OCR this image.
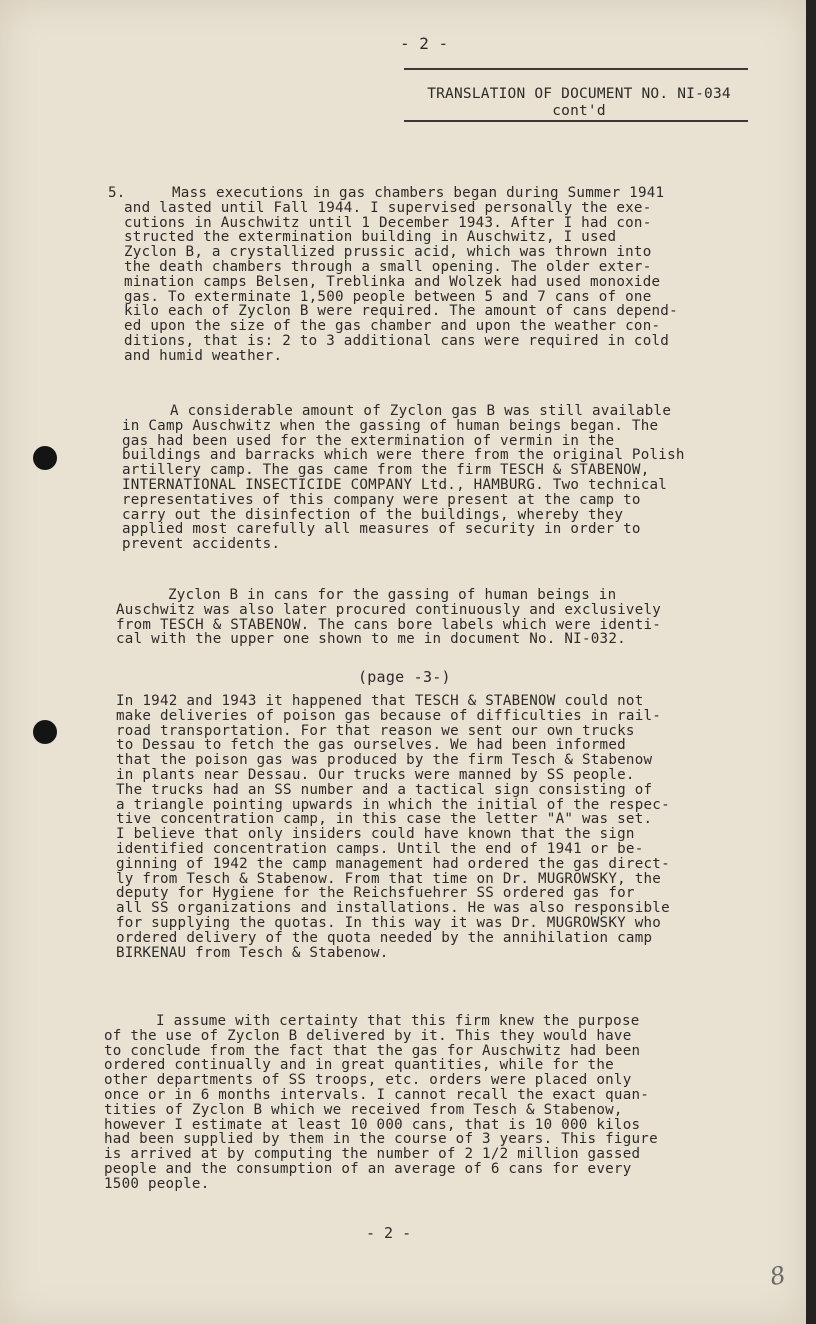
- 2 -
TRANSLATION OF DOCUMENT NO. NI-034
cont'd
5.	Mass executions in gas chambers began during Summer 1941
and lasted until Fall 1944. I supervised personally the exe-
cutions in Auschwitz until 1 December 1943. After I had con-
structed the extermination building in Auschwitz, I used
Zyclon B, a crystallized prussic acid, which was thrown into
the death chambers through a small opening. The older exter-
mination camps Belsen, Treblinka and Wolzek had used monoxide
gas. To exterminate 1,500 people between 5 and 7 cans of one
kilo each of Zyclon B were required. The amount of cans depend-
ed upon the size of the gas chamber and upon the weather con-
ditions, that is: 2 to 3 additional cans were required in cold
and humid weather.
A considerable amount of Zyclon gas B was still available
in Camp Auschwitz when the gassing of human beings began. The
gas had been used for the extermination of vermin in the
buildings and barracks which were there from the original Polish
artillery camp. The gas came from the firm TESCH & STABENOW,
INTERNATIONAL INSECTICIDE COMPANY Ltd., HAMBURG. Two technical
representatives of this company were present at the camp to
carry out the disinfection of the buildings, whereby they
applied most carefully all measures of security in order to
prevent accidents.
Zyclon B in cans for the gassing of human beings in
Auschwitz was also later procured continuously and exclusively
from TESCH & STABENOW. The cans bore labels which were identi-
cal with the upper one shown to me in document No. NI-032.
(page -3-)
In 1942 and 1943 it happened that TESCH & STABENOW could not
make deliveries of poison gas because of difficulties in rail-
road transportation. For that reason we sent our own trucks
to Dessau to fetch the gas ourselves. We had been informed
that the poison gas was produced by the firm Tesch & Stabenow
in plants near Dessau. Our trucks were manned by SS people.
The trucks had an SS number and a tactical sign consisting of
a triangle pointing upwards in which the initial of the respec-
tive concentration camp, in this case the letter "A" was set.
I believe that only insiders could have known that the sign
identified concentration camps. Until the end of 1941 or be-
ginning of 1942 the camp management had ordered the gas direct-
ly from Tesch & Stabenow. From that time on Dr. MUGROWSKY, the
deputy for Hygiene for the Reichsfuehrer SS ordered gas for
all SS organizations and installations. He was also responsible
for supplying the quotas. In this way it was Dr. MUGROWSKY who
ordered delivery of the quota needed by the annihilation camp
BIRKENAU from Tesch & Stabenow.
I assume with certainty that this firm knew the purpose
of the use of Zyclon B delivered by it. This they would have
to conclude from the fact that the gas for Auschwitz had been
ordered continually and in great quantities, while for the
other departments of SS troops, etc. orders were placed only
once or in 6 months intervals. I cannot recall the exact quan-
tities of Zyclon B which we received from Tesch & Stabenow,
however I estimate at least 10 000 cans, that is 10 000 kilos
had been supplied by them in the course of 3 years. This figure
is arrived at by computing the number of 2 1/2 million gassed
people and the consumption of an average of 6 cans for every
1500 people.
- 2 -
8
